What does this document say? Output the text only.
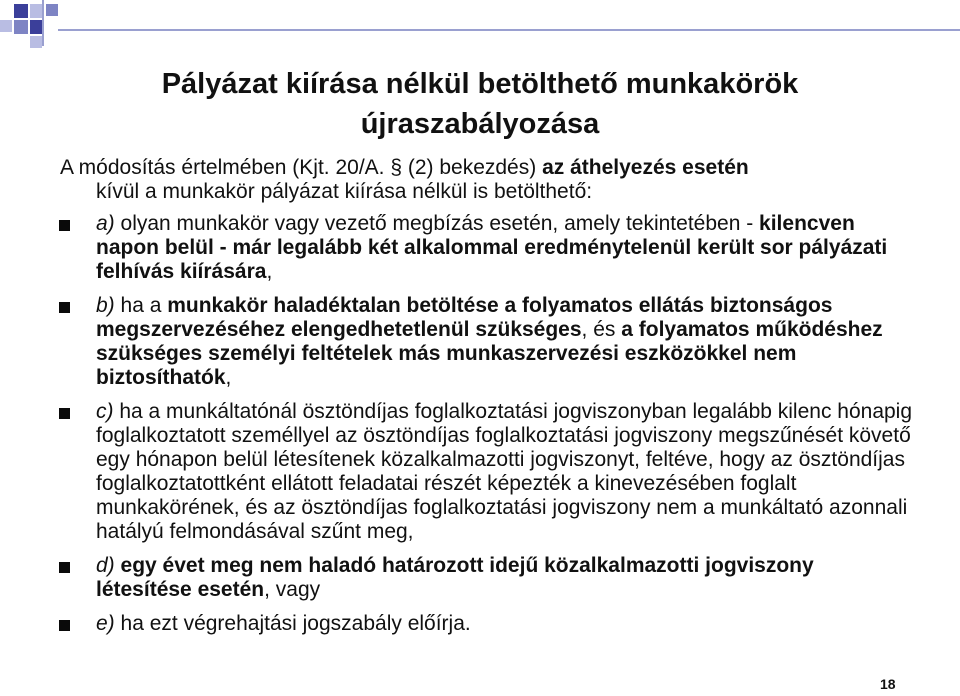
Pályázat kiírása nélkül betölthető munkakörök
újraszabályozása
A módosítás értelmében (Kjt. 20/A. § (2) bekezdés) az áthelyezés esetén
kívül a munkakör pályázat kiírása nélkül is betölthető:
a) olyan munkakör vagy vezető megbízás esetén, amely tekintetében - kilencven napon belül - már legalább két alkalommal eredménytelenül került sor pályázati felhívás kiírására,
b) ha a munkakör haladéktalan betöltése a folyamatos ellátás biztonságos megszervezéséhez elengedhetetlenül szükséges, és a folyamatos működéshez szükséges személyi feltételek más munkaszervezési eszközökkel nem biztosíthatók,
c) ha a munkáltatónál ösztöndíjas foglalkoztatási jogviszonyban legalább kilenc hónapig foglalkoztatott személlyel az ösztöndíjas foglalkoztatási jogviszony megszűnését követő egy hónapon belül létesítenek közalkalmazotti jogviszonyt, feltéve, hogy az ösztöndíjas foglalkoztatottként ellátott feladatai részét képezték a kinevezésében foglalt munkakörének, és az ösztöndíjas foglalkoztatási jogviszony nem a munkáltató azonnali hatályú felmondásával szűnt meg,
d) egy évet meg nem haladó határozott idejű közalkalmazotti jogviszony létesítése esetén, vagy
e) ha ezt végrehajtási jogszabály előírja.
18
